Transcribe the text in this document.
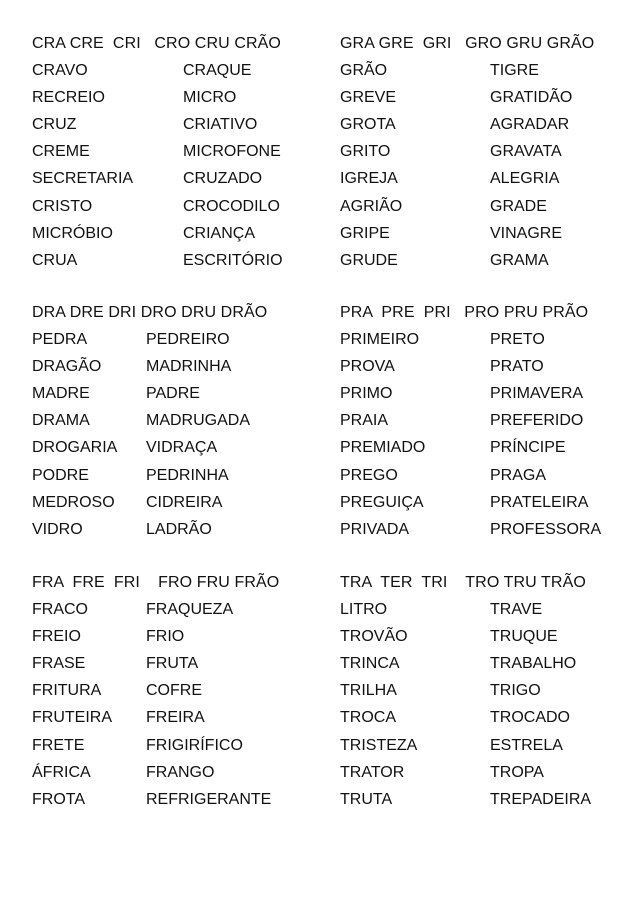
CRA CRE  CRI   CRO CRU CRÃO
CRAVO	CRAQUE
RECREIO	MICRO
CRUZ	CRIATIVO
CREME	MICROFONE
SECRETARIA	CRUZADO
CRISTO	CROCODILO
MICRÓBIO	CRIANÇA
CRUA	ESCRITÓRIO
GRA GRE  GRI   GRO GRU GRÃO
GRÃO	TIGRE
GREVE	GRATIDÃO
GROTA	AGRADAR
GRITO	GRAVATA
IGREJA	ALEGRIA
AGRIÃO	GRADE
GRIPE	VINAGRE
GRUDE	GRAMA
DRA DRE DRI DRO DRU DRÃO
PEDRA	PEDREIRO
DRAGÃO	MADRINHA
MADRE	PADRE
DRAMA	MADRUGADA
DROGARIA VIDRAÇA
PODRE	PEDRINHA
MEDROSO CIDREIRA
VIDRO	LADRÃO
PRA  PRE  PRI   PRO PRU PRÃO
PRIMEIRO	PRETO
PROVA	PRATO
PRIMO	PRIMAVERA
PRAIA	PREFERIDO
PREMIADO	PRÍNCIPE
PREGO	PRAGA
PREGUIÇA	PRATELEIRA
PRIVADA	PROFESSORA
FRA  FRE  FRI    FRO FRU FRÃO
FRACO	FRAQUEZA
FREIO	FRIO
FRASE	FRUTA
FRITURA	COFRE
FRUTEIRA FREIRA
FRETE	FRIGIRÍFICO
ÁFRICA	FRANGO
FROTA	REFRIGERANTE
TRA  TER  TRI    TRO TRU TRÃO
LITRO	TRAVE
TROVÃO	TRUQUE
TRINCA	TRABALHO
TRILHA	TRIGO
TROCA	TROCADO
TRISTEZA	ESTRELA
TRATOR	TROPA
TRUTA	TREPADEIRA
